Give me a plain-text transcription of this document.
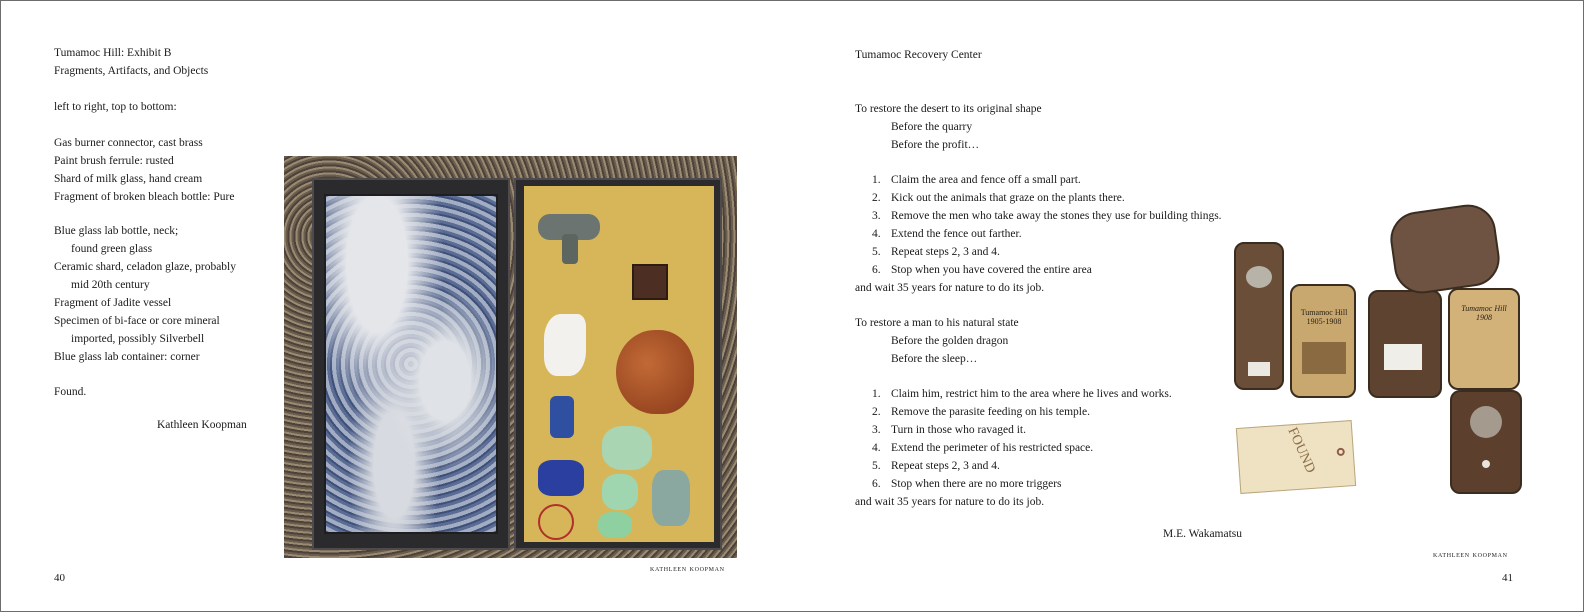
Tumamoc Hill: Exhibit B
Fragments, Artifacts, and Objects
left to right, top to bottom:
Gas burner connector, cast brass
Paint brush ferrule: rusted
Shard of milk glass, hand cream
Fragment of broken bleach bottle: Pure
Blue glass lab bottle, neck;
found green glass
Ceramic shard, celadon glaze, probably
mid 20th century
Fragment of Jadite vessel
Specimen of bi-face or core mineral
imported, possibly Silverbell
Blue glass lab container: corner
Found.
Kathleen Koopman
kathleen koopman
40
Tumamoc Recovery Center
To restore the desert to its original shape
Before the quarry
Before the profit…
1. Claim the area and fence off a small part.
2. Kick out the animals that graze on the plants there.
3. Remove the men who take away the stones they use for building things.
4. Extend the fence out farther.
5. Repeat steps 2, 3 and 4.
6. Stop when you have covered the entire area
and wait 35 years for nature to do its job.
To restore a man to his natural state
Before the golden dragon
Before the sleep…
1. Claim him, restrict him to the area where he lives and works.
2. Remove the parasite feeding on his temple.
3. Turn in those who ravaged it.
4. Extend the perimeter of his restricted space.
5. Repeat steps 2, 3 and 4.
6. Stop when there are no more triggers
and wait 35 years for nature to do its job.
M.E. Wakamatsu
kathleen koopman
41
Tumamoc Hill
1905-1908
Tumamoc Hill
1908
FOUND
